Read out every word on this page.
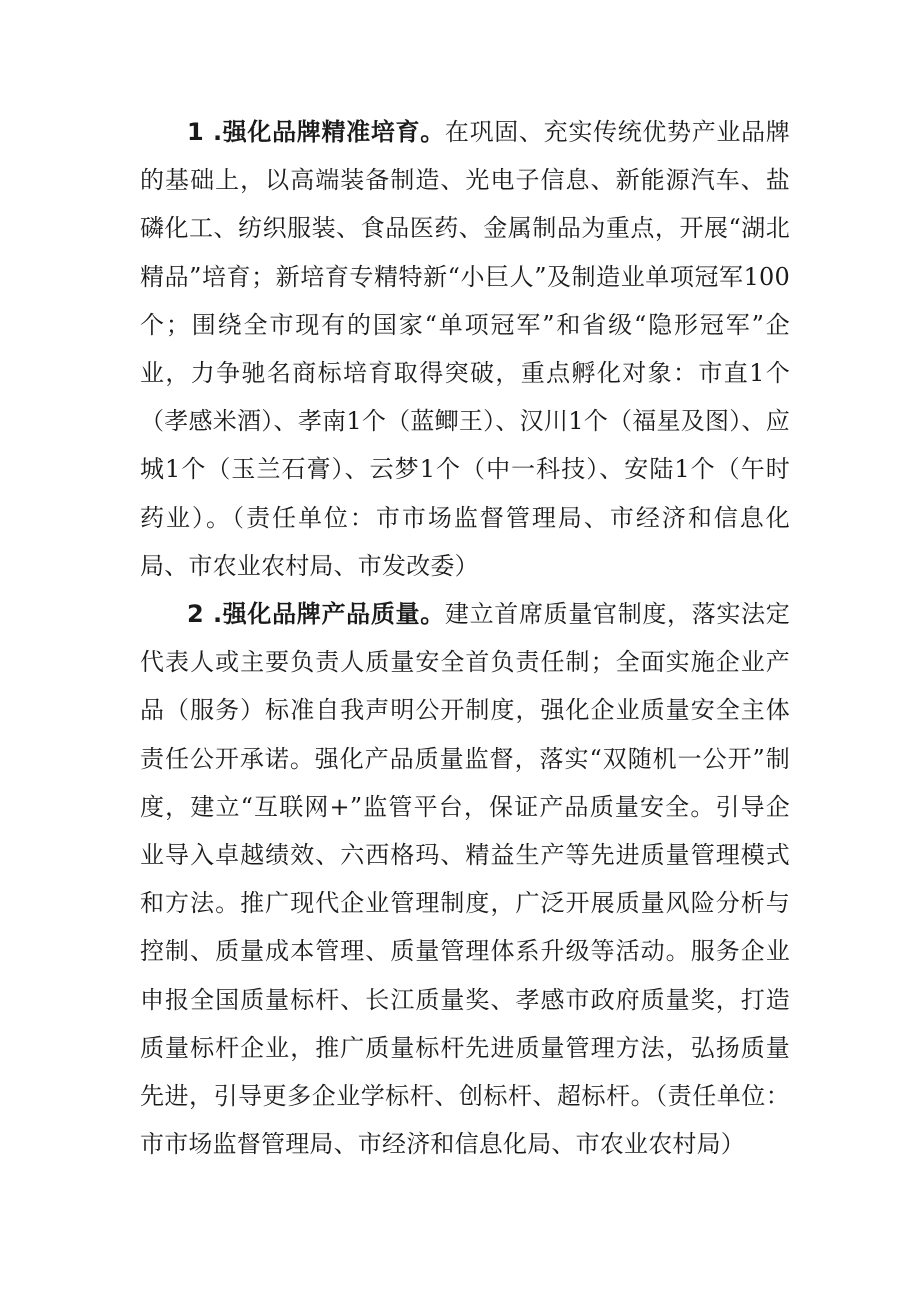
1 .强化品牌精准培育。在巩固、充实传统优势产业品牌的基础上，以高端装备制造、光电子信息、新能源汽车、盐磷化工、纺织服装、食品医药、金属制品为重点，开展“湖北精品”培育；新培育专精特新“小巨人”及制造业单项冠军100个；围绕全市现有的国家“单项冠军”和省级“隐形冠军”企业，力争驰名商标培育取得突破，重点孵化对象：市直1个（孝感米酒）、孝南1个（蓝鲫王）、汉川1个（福星及图）、应城1个（玉兰石膏）、云梦1个（中一科技）、安陆1个（午时药业）。（责任单位：市市场监督管理局、市经济和信息化局、市农业农村局、市发改委）

2 .强化品牌产品质量。建立首席质量官制度，落实法定代表人或主要负责人质量安全首负责任制；全面实施企业产品（服务）标准自我声明公开制度，强化企业质量安全主体责任公开承诺。强化产品质量监督，落实“双随机一公开”制度，建立“互联网+”监管平台，保证产品质量安全。引导企业导入卓越绩效、六西格玛、精益生产等先进质量管理模式和方法。推广现代企业管理制度，广泛开展质量风险分析与控制、质量成本管理、质量管理体系升级等活动。服务企业申报全国质量标杆、长江质量奖、孝感市政府质量奖，打造质量标杆企业，推广质量标杆先进质量管理方法，弘扬质量先进，引导更多企业学标杆、创标杆、超标杆。（责任单位：市市场监督管理局、市经济和信息化局、市农业农村局）
